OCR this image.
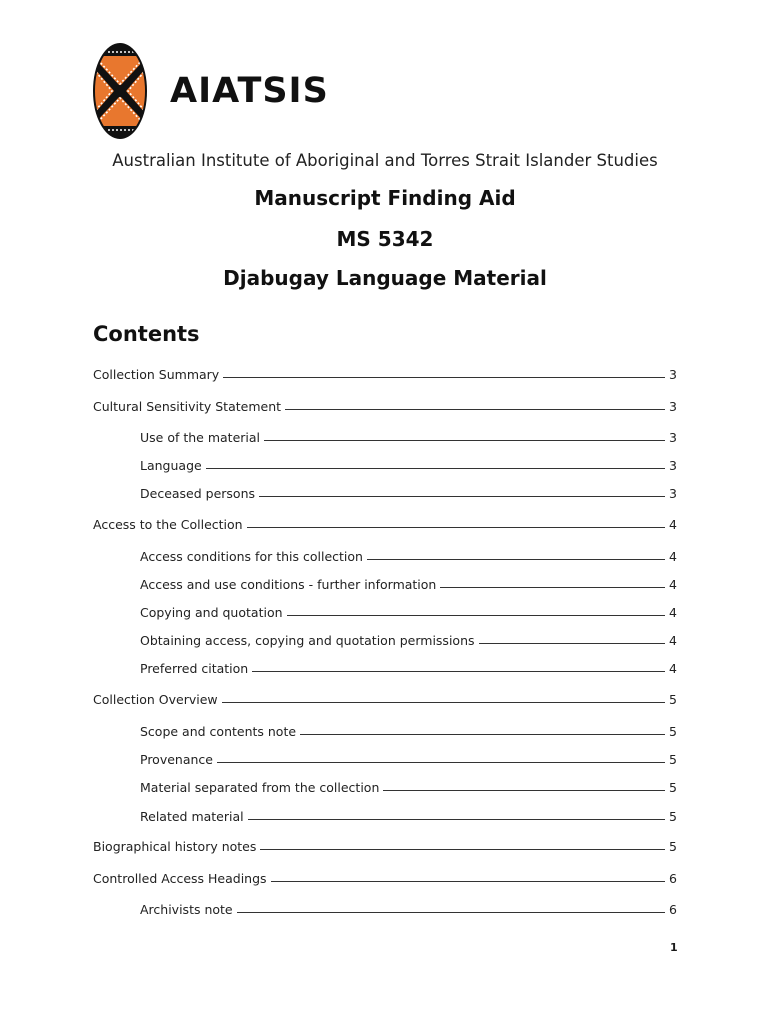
AIATSIS
Australian Institute of Aboriginal and Torres Strait Islander Studies
Manuscript Finding Aid
MS 5342
Djabugay Language Material
Contents
Collection Summary	3
Cultural Sensitivity Statement	3
Use of the material	3
Language	3
Deceased persons	3
Access to the Collection	4
Access conditions for this collection	4
Access and use conditions - further information	4
Copying and quotation	4
Obtaining access, copying and quotation permissions	4
Preferred citation	4
Collection Overview	5
Scope and contents note	5
Provenance	5
Material separated from the collection	5
Related material	5
Biographical history notes	5
Controlled Access Headings	6
Archivists note	6
1
